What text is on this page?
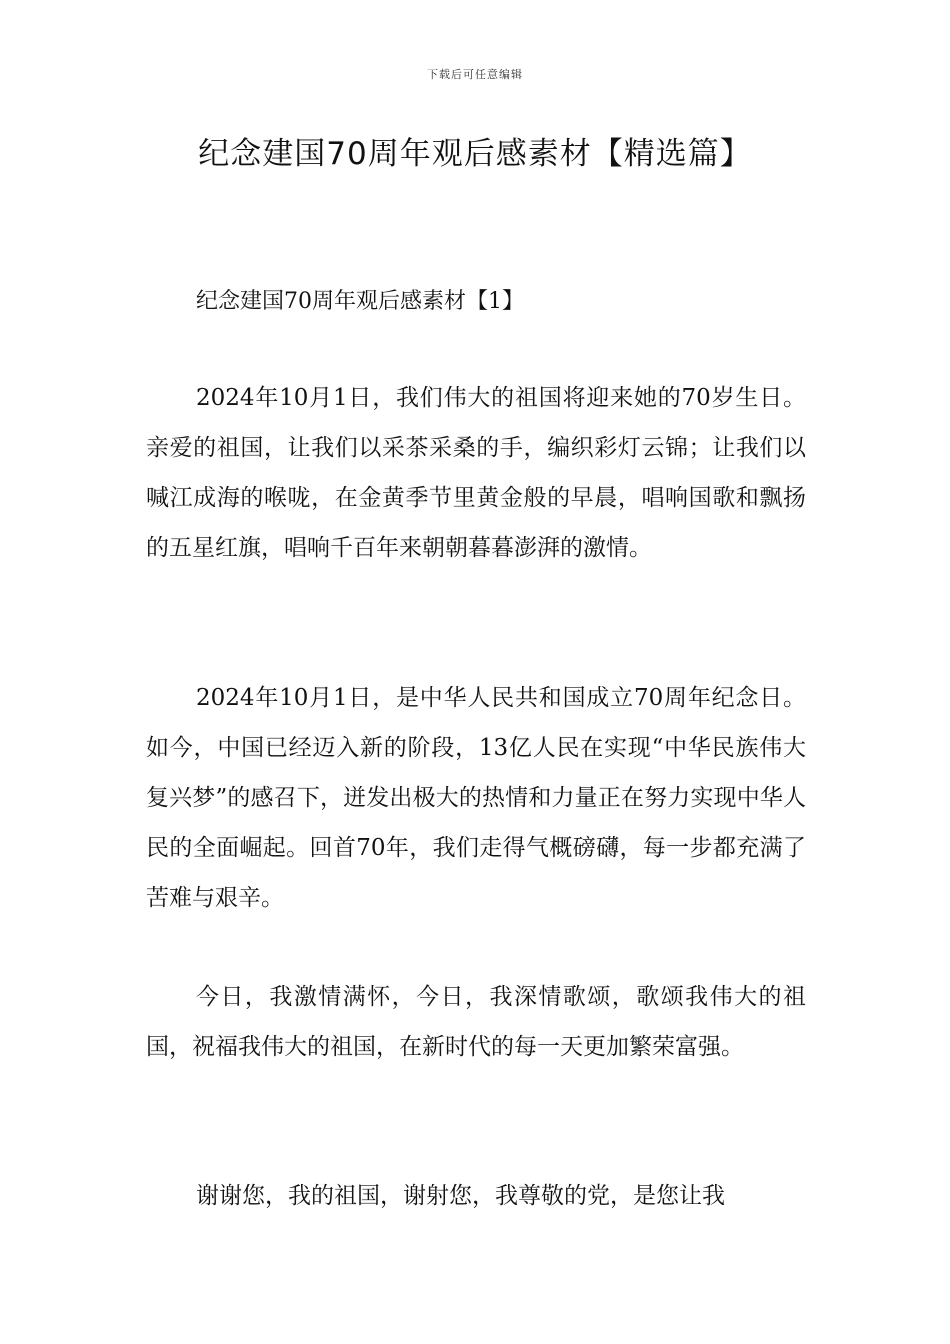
下载后可任意编辑
纪念建国70周年观后感素材【精选篇】
纪念建国70周年观后感素材【1】

2024年10月1日，我们伟大的祖国将迎来她的70岁生日。亲爱的祖国，让我们以采茶采桑的手，编织彩灯云锦；让我们以喊江成海的喉咙，在金黄季节里黄金般的早晨，唱响国歌和飘扬的五星红旗，唱响千百年来朝朝暮暮澎湃的激情。

2024年10月1日，是中华人民共和国成立70周年纪念日。如今，中国已经迈入新的阶段，13亿人民在实现“中华民族伟大复兴梦”的感召下，迸发出极大的热情和力量正在努力实现中华人民的全面崛起。回首70年，我们走得气概磅礴，每一步都充满了苦难与艰辛。

今日，我激情满怀，今日，我深情歌颂，歌颂我伟大的祖国，祝福我伟大的祖国，在新时代的每一天更加繁荣富强。

谢谢您，我的祖国，谢射您，我尊敬的党，是您让我
